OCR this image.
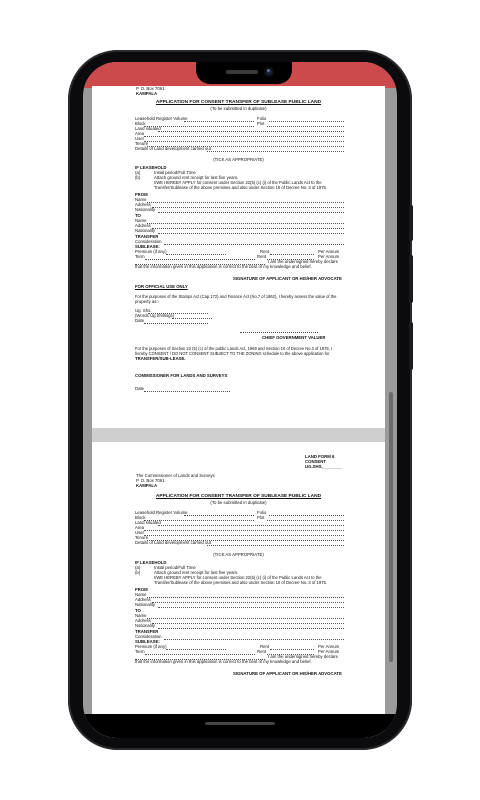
P. O. Box 7061
KAMPALA
APPLICATION FOR CONSENT TRANSFER OF SUBLEASE PUBLIC LAND
(To be submitted in duplicate)
Leasehold Register Volume	Folio
Block	Plot
Land situated
Area
User
Tenure
Details of Land development carried out
(TICK AS APPROPRIATE)
IF LEASEHOLD
(a)	Initial period/Full Time
(b)	Attach ground rent receipt for last five years.
I/WE HEREBY APPLY for consent under Section 22(5) (c) (i) of the Public Lands Act to the
Transfer/Sublease of the above premises and also under Section 10 of Decree No. 3 of 1975.
FROM
Name
Address
Nationality
TO
Name
Address
Nationality
TRANSFER
Consideration
SUBLEASE:
Premium (if any)	Rent	Per Annum
Term	Rent	Per Annum
I am the undersigned hereby declare
that the information given in this application is correct to the best of my knowledge and belief.
SIGNATURE OF APPLICANT OR HIS/HER ADVOCATE
FOR OFFICIAL USE ONLY
For the purposes of the Stamps Act (Cap.172) and Finance Act (No.7 of 1962), I hereby assess the value of the
property as:-
Ug. Shs.
(Words Ug.Shillings)
Date
CHIEF GOVERNMENT VALUER
For the purposes of Section 22 (5) (c) of the public Lands Act, 1969 and Section 10 of Decree No.3 of 1975, I
hereby CONSENT / DO NOT CONSENT SUBJECT TO THE ZONING schedule to the above application for
TRANSFER/SUB-LEASE.
COMMISSIONER FOR LANDS AND SURVEYS
Date
LAND FORM 6
CONSENT
UG.SHS.________
The Commissioner of Lands and Surveys
P. O. Box 7061
KAMPALA
APPLICATION FOR CONSENT TRANSFER OF SUBLEASE PUBLIC LAND
(To be submitted in duplicate)
Leasehold Register Volume	Folio
Block	Plot
Land situated
Area
User
Tenure
Details of Land development carried out
(TICK AS APPROPRIATE)
IF LEASEHOLD
(a)	Initial period/Full Time
(b)	Attach ground rent receipt for last five years.
I/WE HEREBY APPLY for consent under Section 22(5) (c) (i) of the Public Lands Act to the
Transfer/Sublease of the above premises and also under Section 10 of Decree No. 3 of 1975.
FROM
Name
Address
Nationality
TO
Name
Address
Nationality
TRANSFER
Consideration
SUBLEASE:
Premium (if any)	Rent	Per Annum
Term	Rent	Per Annum
I am the undersigned hereby declare
that the information given in this application is correct to the best of my knowledge and belief.
SIGNATURE OF APPLICANT OR HIS/HER ADVOCATE
